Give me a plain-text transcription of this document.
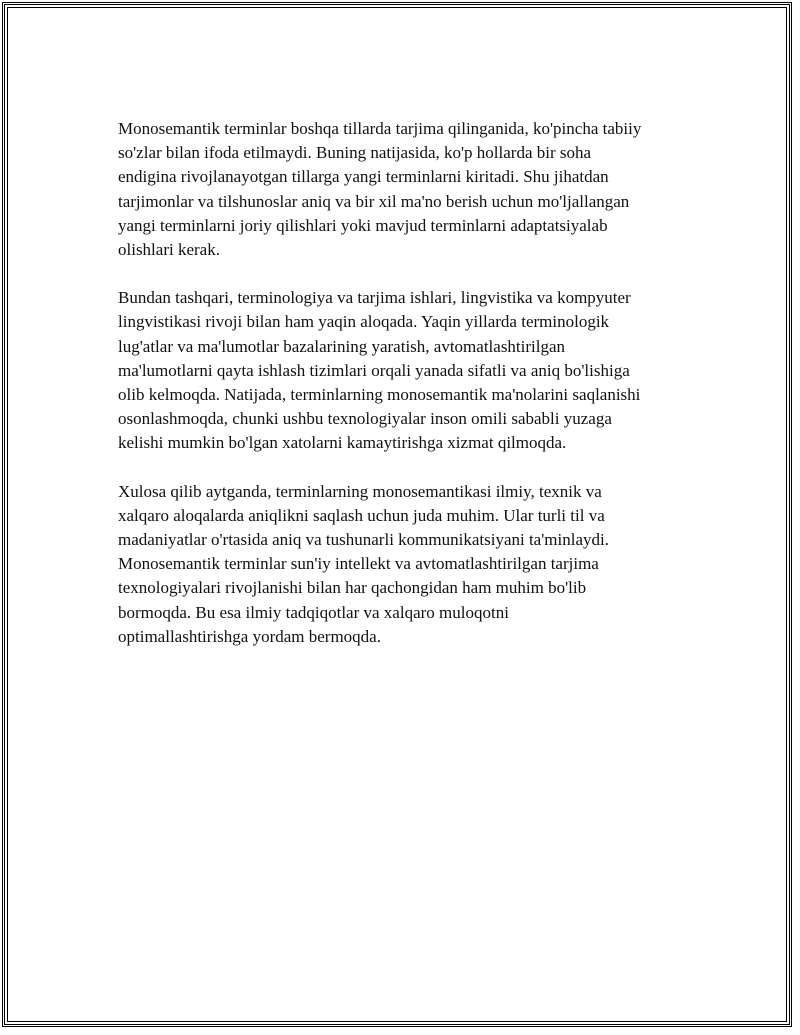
Monosemantik terminlar boshqa tillarda tarjima qilinganida, ko'pincha tabiiy
so'zlar bilan ifoda etilmaydi. Buning natijasida, ko'p hollarda bir soha
endigina rivojlanayotgan tillarga yangi terminlarni kiritadi. Shu jihatdan
tarjimonlar va tilshunoslar aniq va bir xil ma'no berish uchun mo'ljallangan
yangi terminlarni joriy qilishlari yoki mavjud terminlarni adaptatsiyalab
olishlari kerak.

Bundan tashqari, terminologiya va tarjima ishlari, lingvistika va kompyuter
lingvistikasi rivoji bilan ham yaqin aloqada. Yaqin yillarda terminologik
lug'atlar va ma'lumotlar bazalarining yaratish, avtomatlashtirilgan
ma'lumotlarni qayta ishlash tizimlari orqali yanada sifatli va aniq bo'lishiga
olib kelmoqda. Natijada, terminlarning monosemantik ma'nolarini saqlanishi
osonlashmoqda, chunki ushbu texnologiyalar inson omili sababli yuzaga
kelishi mumkin bo'lgan xatolarni kamaytirishga xizmat qilmoqda.

Xulosa qilib aytganda, terminlarning monosemantikasi ilmiy, texnik va
xalqaro aloqalarda aniqlikni saqlash uchun juda muhim. Ular turli til va
madaniyatlar o'rtasida aniq va tushunarli kommunikatsiyani ta'minlaydi.
Monosemantik terminlar sun'iy intellekt va avtomatlashtirilgan tarjima
texnologiyalari rivojlanishi bilan har qachongidan ham muhim bo'lib
bormoqda. Bu esa ilmiy tadqiqotlar va xalqaro muloqotni
optimallashtirishga yordam bermoqda.
